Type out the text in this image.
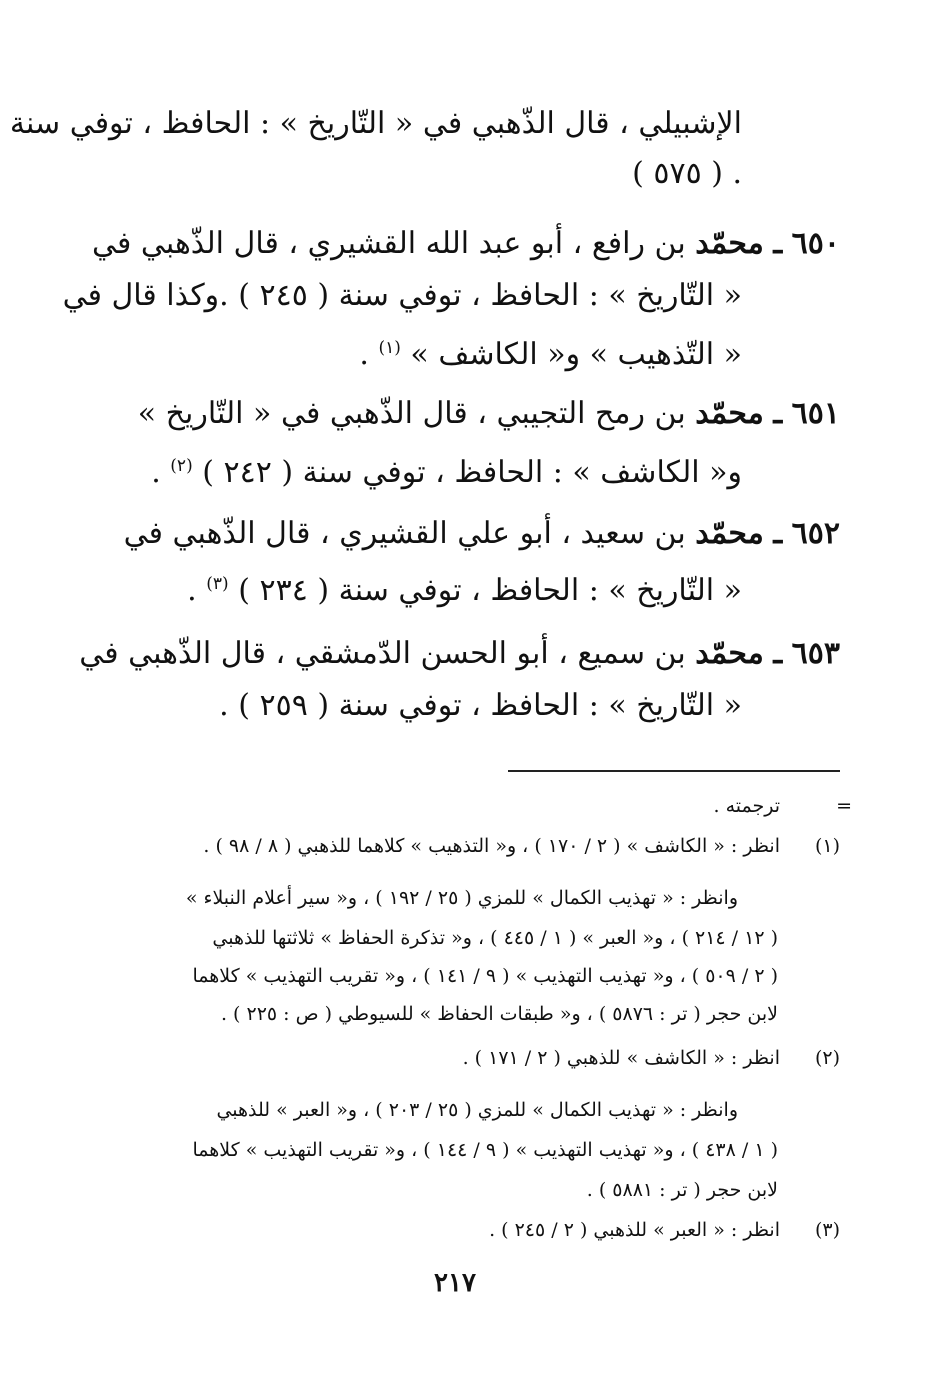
الإشبيلي ، قال الذّهبي في « التّاريخ » : الحافظ ، توفي سنة
. ( ٥٧٥ )
٦٥٠ ـ محمّد بن رافع ، أبو عبد الله القشيري ، قال الذّهبي في
« التّاريخ » : الحافظ ، توفي سنة ( ٢٤٥ ) .وكذا قال في
« التّذهيب » و« الكاشف » $^{(١)}$ .
٦٥١ ـ محمّد بن رمح التجيبي ، قال الذّهبي في « التّاريخ »
و« الكاشف » : الحافظ ، توفي سنة ( ٢٤٢ ) $^{(٢)}$ .
٦٥٢ ـ محمّد بن سعيد ، أبو علي القشيري ، قال الذّهبي في
« التّاريخ » : الحافظ ، توفي سنة ( ٢٣٤ ) $^{(٣)}$ .
٦٥٣ ـ محمّد بن سميع ، أبو الحسن الدّمشقي ، قال الذّهبي في
« التّاريخ » : الحافظ ، توفي سنة ( ٢٥٩ ) .
=
ترجمته .
(١)
انظر : « الكاشف » ( ٢ / ١٧٠ ) ، و« التذهيب » كلاهما للذهبي ( ٨ / ٩٨ ) .
وانظر : « تهذيب الكمال » للمزي ( ٢٥ / ١٩٢ ) ، و« سير أعلام النبلاء »
( ١٢ / ٢١٤ ) ، و« العبر » ( ١ / ٤٤٥ ) ، و« تذكرة الحفاظ » ثلاثتها للذهبي
( ٢ / ٥٠٩ ) ، و« تهذيب التهذيب » ( ٩ / ١٤١ ) ، و« تقريب التهذيب » كلاهما
لابن حجر ( تر : ٥٨٧٦ ) ، و« طبقات الحفاظ » للسيوطي ( ص : ٢٢٥ ) .
(٢)
انظر : « الكاشف » للذهبي ( ٢ / ١٧١ ) .
وانظر : « تهذيب الكمال » للمزي ( ٢٥ / ٢٠٣ ) ، و« العبر » للذهبي
( ١ / ٤٣٨ ) ، و« تهذيب التهذيب » ( ٩ / ١٤٤ ) ، و« تقريب التهذيب » كلاهما
لابن حجر ( تر : ٥٨٨١ ) .
(٣)
انظر : « العبر » للذهبي ( ٢ / ٢٤٥ ) .
٢١٧
